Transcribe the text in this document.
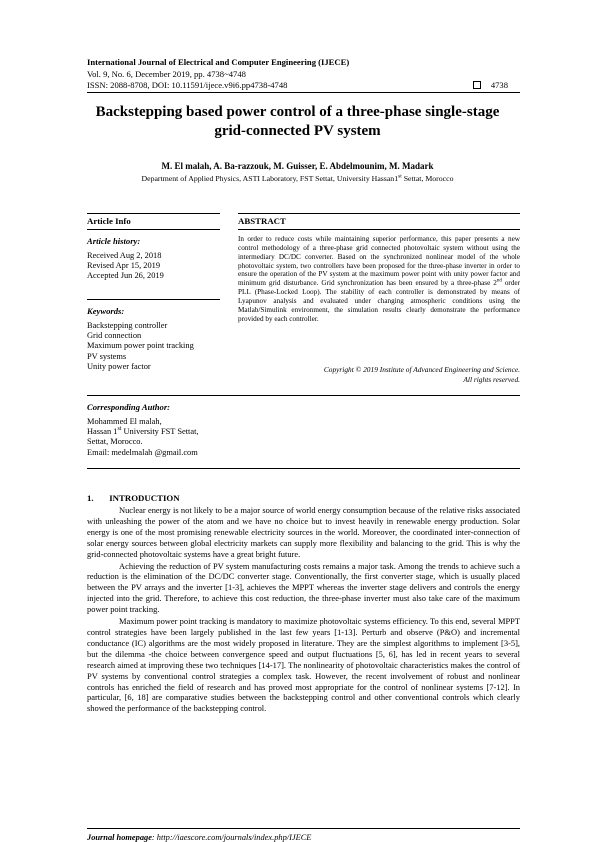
International Journal of Electrical and Computer Engineering (IJECE)
Vol. 9, No. 6, December 2019, pp. 4738~4748
ISSN: 2088-8708, DOI: 10.11591/ijece.v9i6.pp4738-4748	4738
Backstepping based power control of a three-phase single-stage
grid-connected PV system
M. El malah, A. Ba-razzouk, M. Guisser, E. Abdelmounim, M. Madark
Department of Applied Physics, ASTI Laboratory, FST Settat, University Hassan1st Settat, Morocco
Article Info
Article history:
Received Aug 2, 2018
Revised Apr 15, 2019
Accepted Jun 26, 2019
Keywords:
Backstepping controller
Grid connection
Maximum power point tracking
PV systems
Unity power factor
ABSTRACT
In order to reduce costs while maintaining superior performance, this paper presents a new control methodology of a three-phase grid connected photovoltaic system without using the intermediary DC/DC converter. Based on the synchronized nonlinear model of the whole photovoltaic system, two controllers have been proposed for the three-phase inverter in order to ensure the operation of the PV system at the maximum power point with unity power factor and minimum grid disturbance. Grid synchronization has been ensured by a three-phase 2nd order PLL (Phase-Locked Loop). The stability of each controller is demonstrated by means of Lyapunov analysis and evaluated under changing atmospheric conditions using the Matlab/Simulink environment, the simulation results clearly demonstrate the performance provided by each controller.
Copyright © 2019 Institute of Advanced Engineering and Science.
All rights reserved.
Corresponding Author:
Mohammed El malah,
Hassan 1st University FST Settat,
Settat, Morocco.
Email: medelmalah @gmail.com
1. INTRODUCTION

Nuclear energy is not likely to be a major source of world energy consumption because of the relative risks associated with unleashing the power of the atom and we have no choice but to invest heavily in renewable energy production. Solar energy is one of the most promising renewable electricity sources in the world. Moreover, the coordinated inter-connection of solar energy sources between global electricity markets can supply more flexibility and balancing to the grid. This is why the grid-connected photovoltaic systems have a great bright future.

Achieving the reduction of PV system manufacturing costs remains a major task. Among the trends to achieve such a reduction is the elimination of the DC/DC converter stage. Conventionally, the first converter stage, which is usually placed between the PV arrays and the inverter [1-3], achieves the MPPT whereas the inverter stage delivers and controls the energy injected into the grid. Therefore, to achieve this cost reduction, the three-phase inverter must also take care of the maximum power point tracking.

Maximum power point tracking is mandatory to maximize photovoltaic systems efficiency. To this end, several MPPT control strategies have been largely published in the last few years [1-13]. Perturb and observe (P&O) and incremental conductance (IC) algorithms are the most widely proposed in literature. They are the simplest algorithms to implement [3-5], but the dilemma -the choice between convergence speed and output fluctuations [5, 6], has led in recent years to several research aimed at improving these two techniques [14-17]. The nonlinearity of photovoltaic characteristics makes the control of PV systems by conventional control strategies a complex task. However, the recent involvement of robust and nonlinear controls has enriched the field of research and has proved most appropriate for the control of nonlinear systems [7-12]. In particular, [6, 18] are comparative studies between the backstepping control and other conventional controls which clearly showed the performance of the backstepping control.

Journal homepage: http://iaescore.com/journals/index.php/IJECE
